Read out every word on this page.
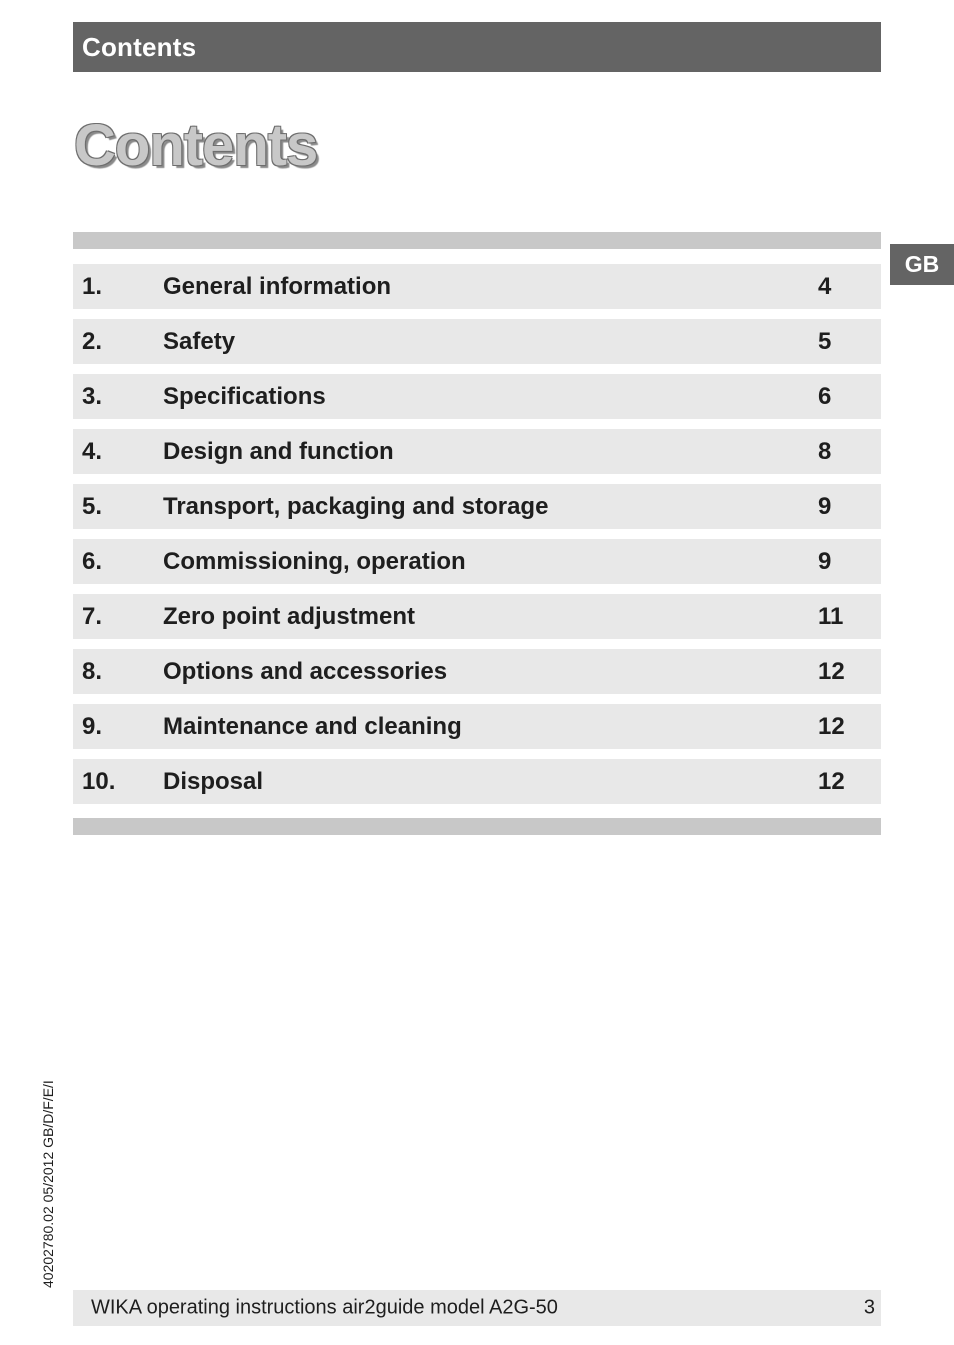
Contents
Contents
GB
1.	General information	4
2.	Safety	5
3.	Specifications	6
4.	Design and function	8
5.	Transport, packaging and storage	9
6.	Commissioning, operation	9
7.	Zero point adjustment	11
8.	Options and accessories	12
9.	Maintenance and cleaning	12
10. Disposal	12
40202780.02 05/2012 GB/D/F/E/I
WIKA operating instructions air2guide model A2G-50	3
